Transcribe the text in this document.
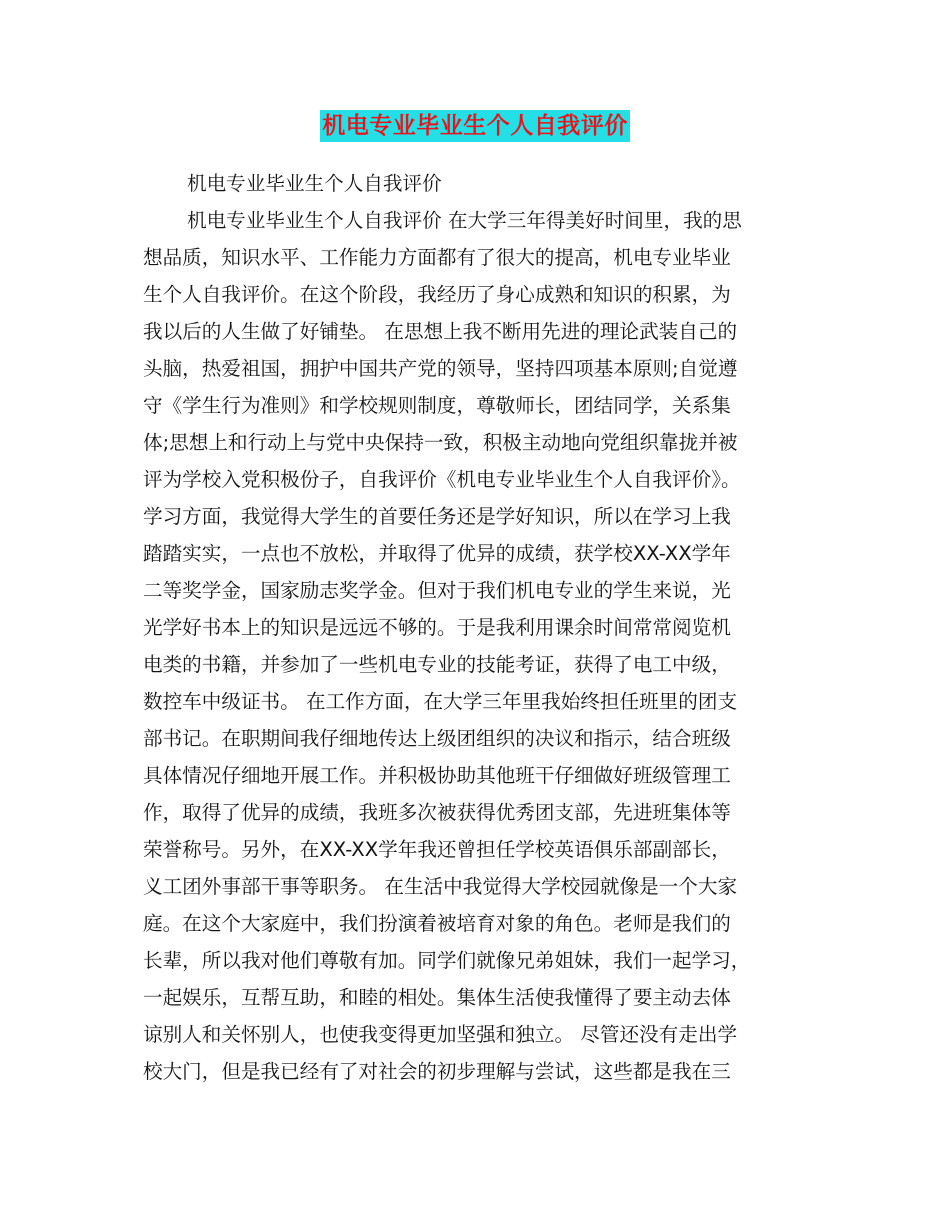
机电专业毕业生个人自我评价
机电专业毕业生个人自我评价
机电专业毕业生个人自我评价 在大学三年得美好时间里，我的思
想品质，知识水平、工作能力方面都有了很大的提高，机电专业毕业
生个人自我评价。在这个阶段，我经历了身心成熟和知识的积累，为
我以后的人生做了好铺垫。 在思想上我不断用先进的理论武装自己的
头脑，热爱祖国，拥护中国共产党的领导，坚持四项基本原则;自觉遵
守《学生行为准则》和学校规则制度，尊敬师长，团结同学，关系集
体;思想上和行动上与党中央保持一致，积极主动地向党组织靠拢并被
评为学校入党积极份子，自我评价《机电专业毕业生个人自我评价》。
学习方面，我觉得大学生的首要任务还是学好知识，所以在学习上我
踏踏实实，一点也不放松，并取得了优异的成绩，获学校XX-XX学年
二等奖学金，国家励志奖学金。但对于我们机电专业的学生来说，光
光学好书本上的知识是远远不够的。于是我利用课余时间常常阅览机
电类的书籍，并参加了一些机电专业的技能考证，获得了电工中级，
数控车中级证书。 在工作方面，在大学三年里我始终担任班里的团支
部书记。在职期间我仔细地传达上级团组织的决议和指示，结合班级
具体情况仔细地开展工作。并积极协助其他班干仔细做好班级管理工
作，取得了优异的成绩，我班多次被获得优秀团支部，先进班集体等
荣誉称号。另外，在XX-XX学年我还曾担任学校英语俱乐部副部长，
义工团外事部干事等职务。 在生活中我觉得大学校园就像是一个大家
庭。在这个大家庭中，我们扮演着被培育对象的角色。老师是我们的
长辈，所以我对他们尊敬有加。同学们就像兄弟姐妹，我们一起学习，
一起娱乐，互帮互助，和睦的相处。集体生活使我懂得了要主动去体
谅别人和关怀别人，也使我变得更加坚强和独立。 尽管还没有走出学
校大门，但是我已经有了对社会的初步理解与尝试，这些都是我在三
